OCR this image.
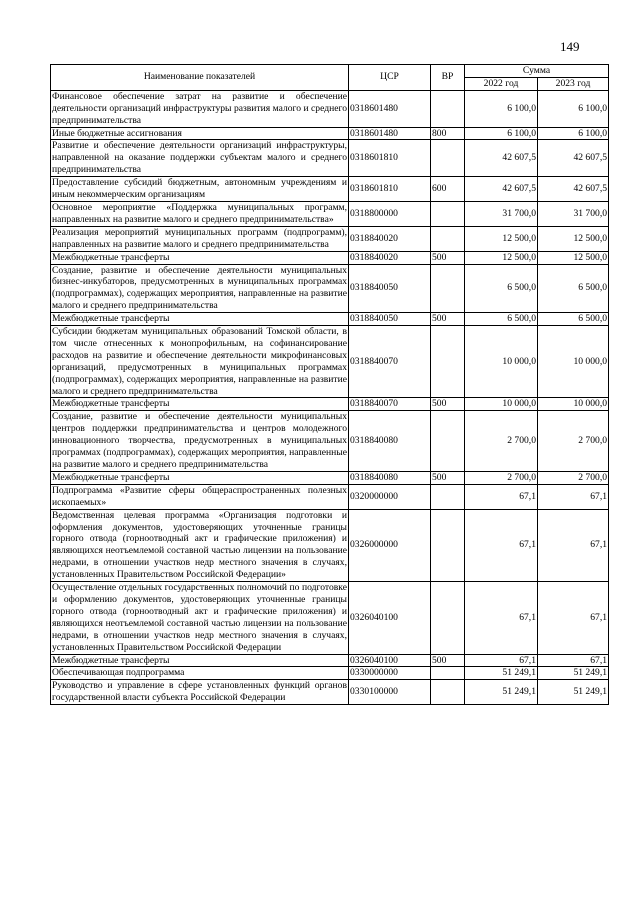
149
Наименование показателей	ЦСР	ВР	Сумма	
			2022 год	2023 год
Финансовое обеспечение затрат на развитие и обеспечение деятельности организаций инфраструктуры развития малого и среднего предпринимательства	0318601480		6 100,0	6 100,0
Иные бюджетные ассигнования	0318601480	800	6 100,0	6 100,0
Развитие и обеспечение деятельности организаций инфраструктуры, направленной на оказание поддержки субъектам малого и среднего предпринимательства	0318601810		42 607,5	42 607,5
Предоставление субсидий бюджетным, автономным учреждениям и иным некоммерческим организациям	0318601810	600	42 607,5	42 607,5
Основное мероприятие «Поддержка муниципальных программ, направленных на развитие малого и среднего предпринимательства»	0318800000		31 700,0	31 700,0
Реализация мероприятий муниципальных программ (подпрограмм), направленных на развитие малого и среднего предпринимательства	0318840020		12 500,0	12 500,0
Межбюджетные трансферты	0318840020	500	12 500,0	12 500,0
Создание, развитие и обеспечение деятельности муниципальных бизнес-инкубаторов, предусмотренных в муниципальных программах (подпрограммах), содержащих мероприятия, направленные на развитие малого и среднего предпринимательства	0318840050		6 500,0	6 500,0
Межбюджетные трансферты	0318840050	500	6 500,0	6 500,0
Субсидии бюджетам муниципальных образований Томской области, в том числе отнесенных к монопрофильным, на софинансирование расходов на развитие и обеспечение деятельности микрофинансовых организаций, предусмотренных в муниципальных программах (подпрограммах), содержащих мероприятия, направленные на развитие малого и среднего предпринимательства	0318840070		10 000,0	10 000,0
Межбюджетные трансферты	0318840070	500	10 000,0	10 000,0
Создание, развитие и обеспечение деятельности муниципальных центров поддержки предпринимательства и центров молодежного инновационного творчества, предусмотренных в муниципальных программах (подпрограммах), содержащих мероприятия, направленные на развитие малого и среднего предпринимательства	0318840080		2 700,0	2 700,0
Межбюджетные трансферты	0318840080	500	2 700,0	2 700,0
Подпрограмма «Развитие сферы общераспространенных полезных ископаемых»	0320000000		67,1	67,1
Ведомственная целевая программа «Организация подготовки и оформления документов, удостоверяющих уточненные границы горного отвода (горноотводный акт и графические приложения) и являющихся неотъемлемой составной частью лицензии на пользование недрами, в отношении участков недр местного значения в случаях, установленных Правительством Российской Федерации»	0326000000		67,1	67,1
Осуществление отдельных государственных полномочий по подготовке и оформлению документов, удостоверяющих уточненные границы горного отвода (горноотводный акт и графические приложения) и являющихся неотъемлемой составной частью лицензии на пользование недрами, в отношении участков недр местного значения в случаях, установленных Правительством Российской Федерации	0326040100		67,1	67,1
Межбюджетные трансферты	0326040100	500	67,1	67,1
Обеспечивающая подпрограмма	0330000000		51 249,1	51 249,1
Руководство и управление в сфере установленных функций органов государственной власти субъекта Российской Федерации	0330100000		51 249,1	51 249,1
